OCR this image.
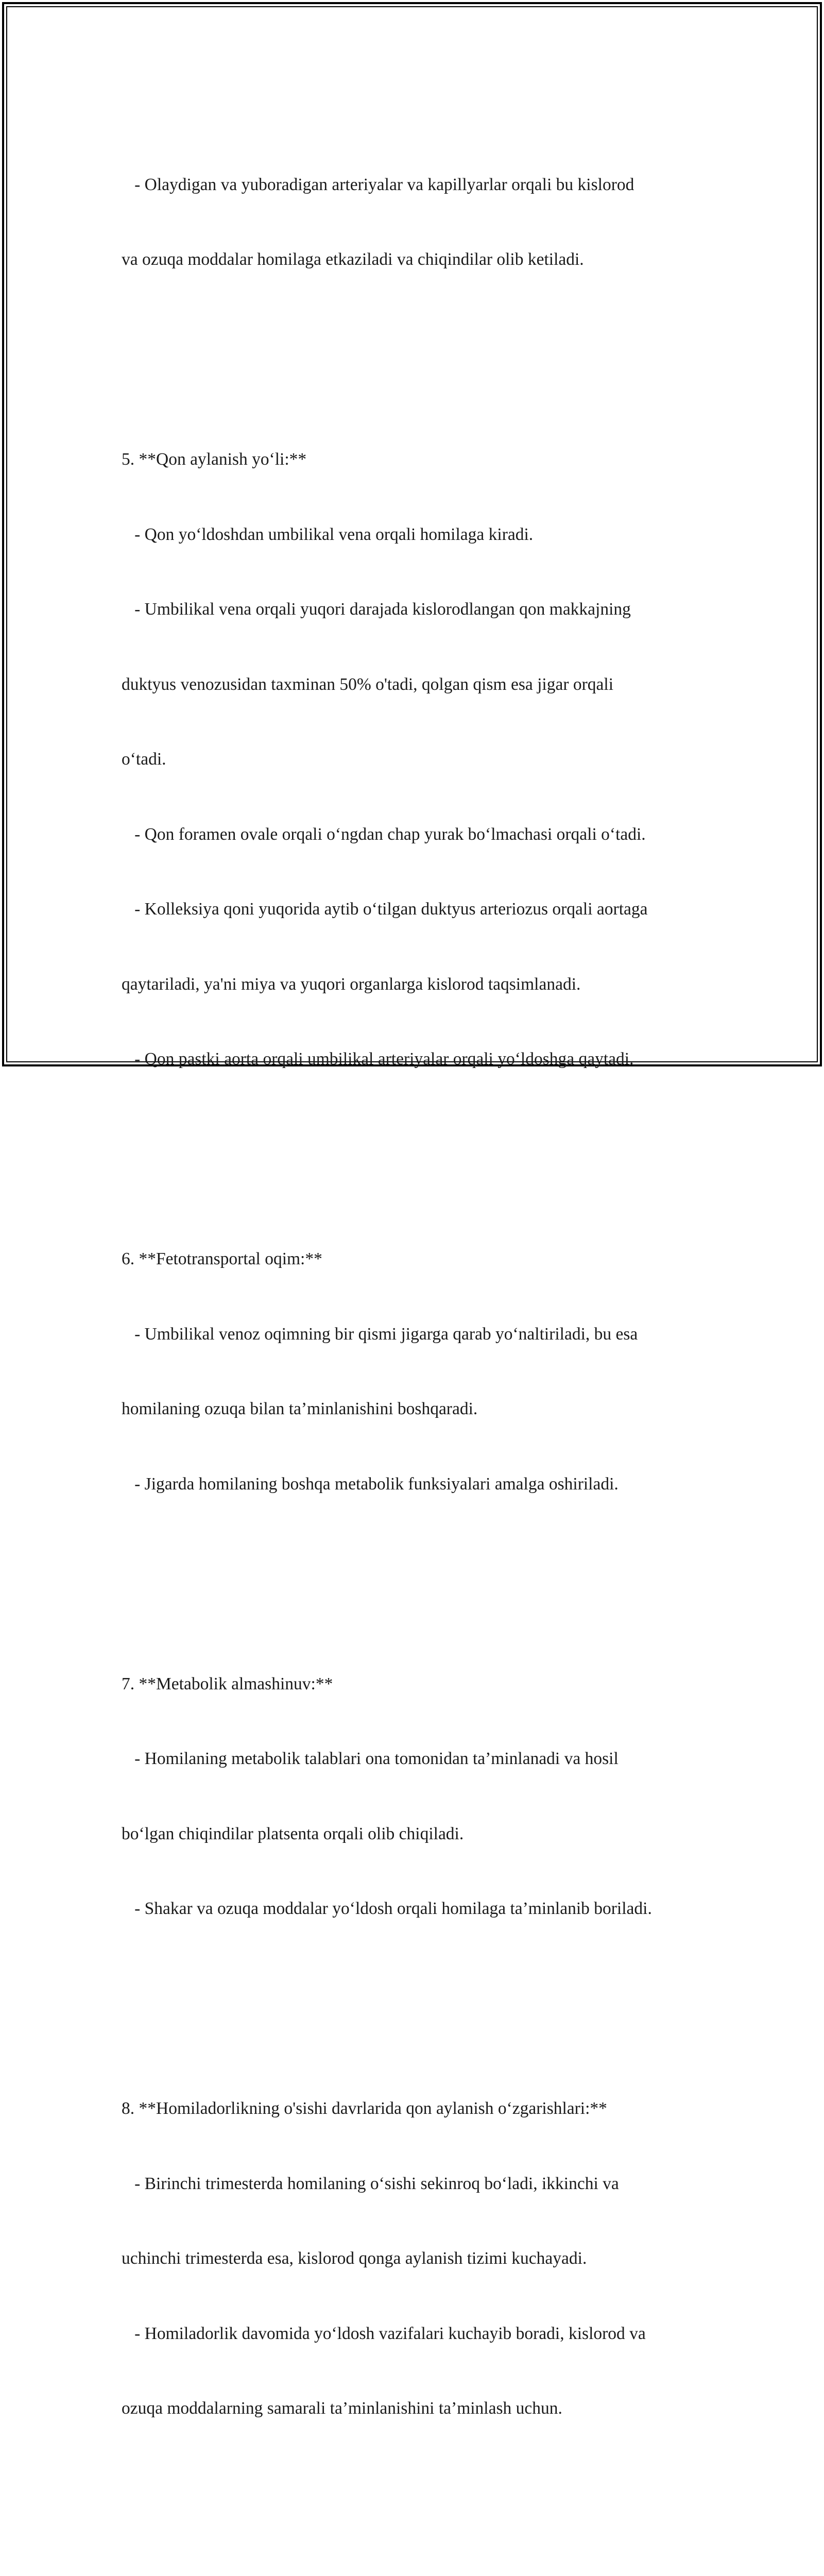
- Olaydigan va yuboradigan arteriyalar va kapillyarlar orqali bu kislorod

va ozuqa moddalar homilaga etkaziladi va chiqindilar olib ketiladi.

5. **Qon aylanish yo‘li:**

- Qon yo‘ldoshdan umbilikal vena orqali homilaga kiradi.

- Umbilikal vena orqali yuqori darajada kislorodlangan qon makkajning

duktyus venozusidan taxminan 50% o'tadi, qolgan qism esa jigar orqali

o‘tadi.

- Qon foramen ovale orqali o‘ngdan chap yurak bo‘lmachasi orqali o‘tadi.

- Kolleksiya qoni yuqorida aytib o‘tilgan duktyus arteriozus orqali aortaga

qaytariladi, ya'ni miya va yuqori organlarga kislorod taqsimlanadi.

- Qon pastki aorta orqali umbilikal arteriyalar orqali yo‘ldoshga qaytadi.

6. **Fetotransportal oqim:**

- Umbilikal venoz oqimning bir qismi jigarga qarab yo‘naltiriladi, bu esa

homilaning ozuqa bilan ta’minlanishini boshqaradi.

- Jigarda homilaning boshqa metabolik funksiyalari amalga oshiriladi.

7. **Metabolik almashinuv:**

- Homilaning metabolik talablari ona tomonidan ta’minlanadi va hosil

bo‘lgan chiqindilar platsenta orqali olib chiqiladi.

- Shakar va ozuqa moddalar yo‘ldosh orqali homilaga ta’minlanib boriladi.

8. **Homiladorlikning o'sishi davrlarida qon aylanish o‘zgarishlari:**

- Birinchi trimesterda homilaning o‘sishi sekinroq bo‘ladi, ikkinchi va

uchinchi trimesterda esa, kislorod qonga aylanish tizimi kuchayadi.

- Homiladorlik davomida yo‘ldosh vazifalari kuchayib boradi, kislorod va

ozuqa moddalarning samarali ta’minlanishini ta’minlash uchun.
